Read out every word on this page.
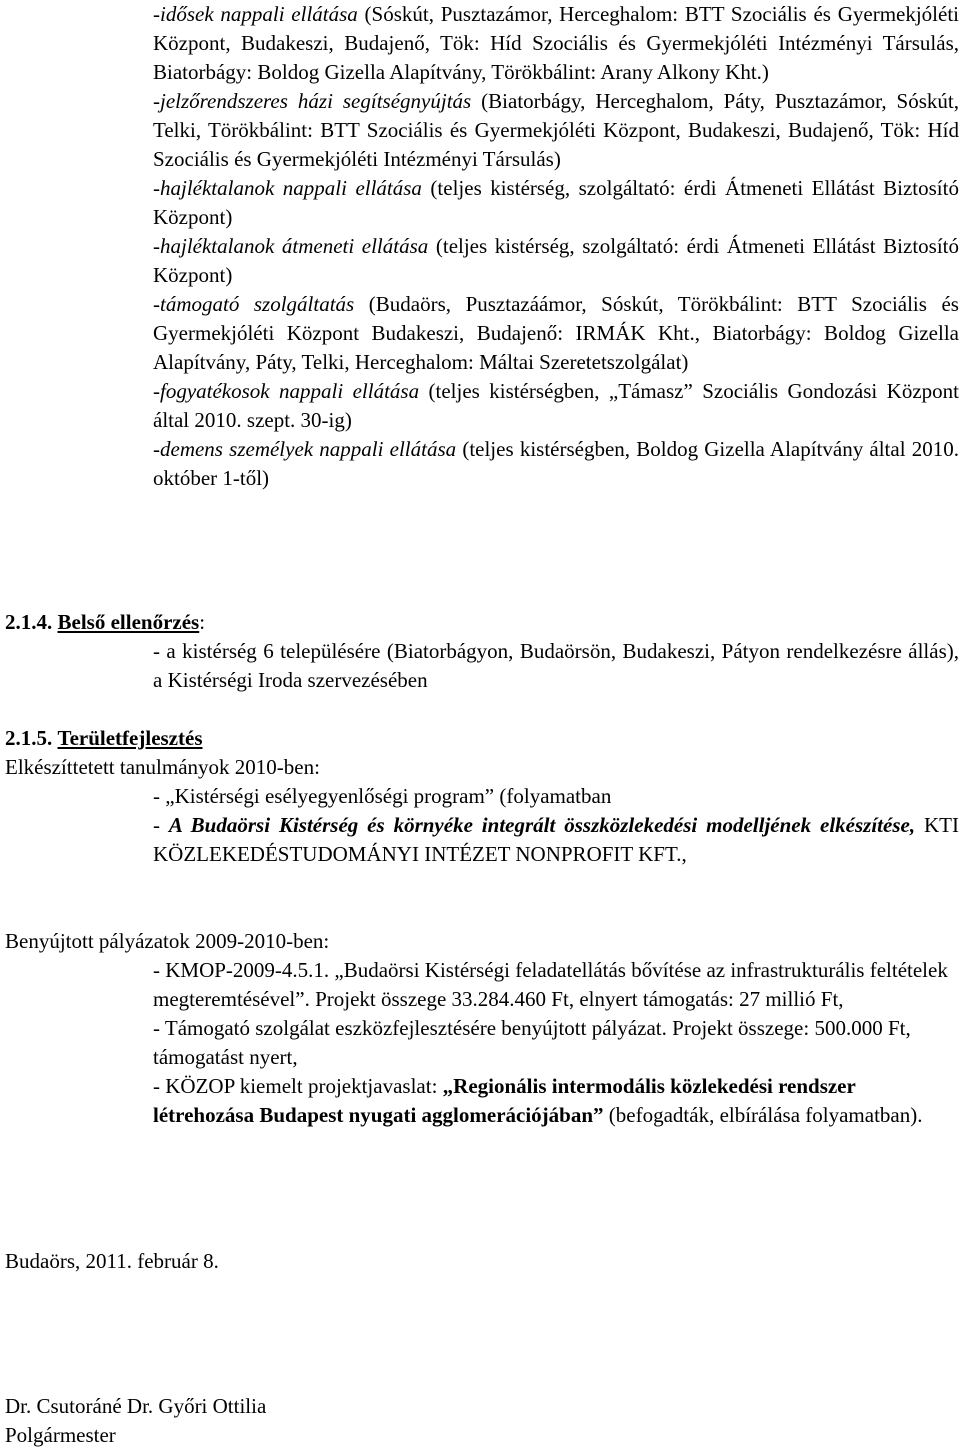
-idősek nappali ellátása (Sóskút, Pusztazámor, Herceghalom: BTT Szociális és Gyermekjóléti Központ, Budakeszi, Budajenő, Tök: Híd Szociális és Gyermekjóléti Intézményi Társulás, Biatorbágy: Boldog Gizella Alapítvány, Törökbálint: Arany Alkony Kht.)

-jelzőrendszeres házi segítségnyújtás (Biatorbágy, Herceghalom, Páty, Pusztazámor, Sóskút, Telki, Törökbálint: BTT Szociális és Gyermekjóléti Központ, Budakeszi, Budajenő, Tök: Híd Szociális és Gyermekjóléti Intézményi Társulás)

-hajléktalanok nappali ellátása (teljes kistérség, szolgáltató: érdi Átmeneti Ellátást Biztosító Központ)

-hajléktalanok átmeneti ellátása (teljes kistérség, szolgáltató: érdi Átmeneti Ellátást Biztosító Központ)

-támogató szolgáltatás (Budaörs, Pusztazáámor, Sóskút, Törökbálint: BTT Szociális és Gyermekjóléti Központ Budakeszi, Budajenő: IRMÁK Kht., Biatorbágy: Boldog Gizella Alapítvány, Páty, Telki, Herceghalom: Máltai Szeretetszolgálat)

-fogyatékosok nappali ellátása (teljes kistérségben, „Támasz” Szociális Gondozási Központ által 2010. szept. 30-ig)

-demens személyek nappali ellátása (teljes kistérségben, Boldog Gizella Alapítvány által 2010. október 1-től)

2.1.4. Belső ellenőrzés:

- a kistérség 6 településére (Biatorbágyon, Budaörsön, Budakeszi, Pátyon rendelkezésre állás), a Kistérségi Iroda szervezésében

2.1.5. Területfejlesztés
Elkészíttetett tanulmányok 2010-ben:

- „Kistérségi esélyegyenlőségi program” (folyamatban

- A Budaörsi Kistérség és környéke integrált összközlekedési modelljének elkészítése, KTI KÖZLEKEDÉSTUDOMÁNYI INTÉZET NONPROFIT KFT.,

Benyújtott pályázatok 2009-2010-ben:

- KMOP-2009-4.5.1. „Budaörsi Kistérségi feladatellátás bővítése az infrastrukturális feltételek megteremtésével”. Projekt összege 33.284.460 Ft, elnyert támogatás: 27 millió Ft,

- Támogató szolgálat eszközfejlesztésére benyújtott pályázat. Projekt összege: 500.000 Ft, támogatást nyert,

- KÖZOP kiemelt projektjavaslat: „Regionális intermodális közlekedési rendszer létrehozása Budapest nyugati agglomerációjában” (befogadták, elbírálása folyamatban).

Budaörs, 2011. február 8.
Dr. Csutoráné Dr. Győri Ottilia
Polgármester
